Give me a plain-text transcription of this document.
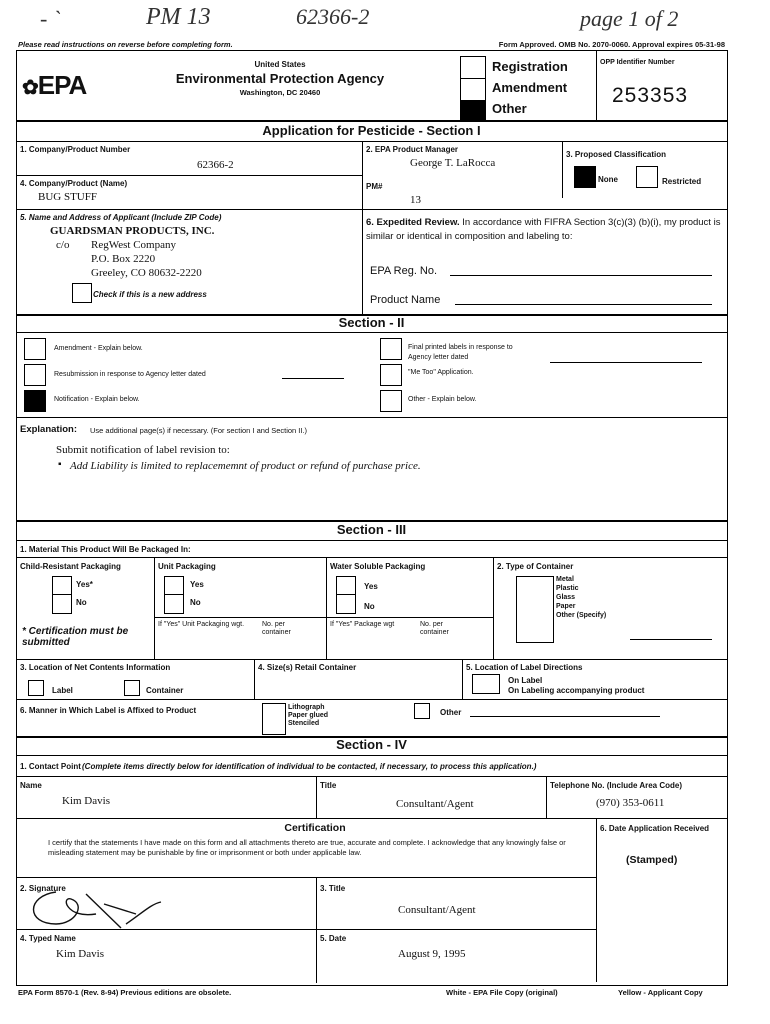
- `	PM 13	62366-2	page 1 of 2
Please read instructions on reverse before completing form.	Form Approved. OMB No. 2070-0060. Approval expires 05-31-98
✿EPA
United States
Environmental Protection Agency
Washington, DC 20460
Registration
Amendment
Other
OPP Identifier Number
253353
Application for Pesticide - Section I
1. Company/Product Number
62366-2
2. EPA Product Manager
George T. LaRocca
3. Proposed Classification
None	Restricted
4. Company/Product (Name)
BUG STUFF
PM#
13
5. Name and Address of Applicant (Include ZIP Code)
GUARDSMAN PRODUCTS, INC.
c/o RegWest Company
P.O. Box 2220
Greeley, CO 80632-2220
Check if this is a new address
6. Expedited Review. In accordance with FIFRA Section 3(c)(3) (b)(i), my product is similar or identical in composition and labeling to:
EPA Reg. No.
Product Name
Section - II
Amendment - Explain below.
Resubmission in response to Agency letter dated
Notification - Explain below.
Final printed labels in response to
Agency letter dated
"Me Too" Application.
Other - Explain below.
Explanation: Use additional page(s) if necessary. (For section I and Section II.)
Submit notification of label revision to:
▪ Add Liability is limited to replacememnt of product or refund of purchase price.
Section - III
1. Material This Product Will Be Packaged In:
Child-Resistant Packaging	Unit Packaging	Water Soluble Packaging	2. Type of Container
Yes*
No
* Certification must be submitted
Yes
No
If "Yes" Unit Packaging wgt.	No. per container
Yes
No
If "Yes" Package wgt	No. per container
Metal
Plastic
Glass
Paper
Other (Specify)
3. Location of Net Contents Information
Label	Container
4. Size(s) Retail Container	5. Location of Label Directions
On Label
On Labeling accompanying product
6. Manner in Which Label is Affixed to Product	Lithograph
Paper glued
Stenciled
Other
Section - IV
1. Contact Point (Complete items directly below for identification of individual to be contacted, if necessary, to process this application.)
Name
Kim Davis
Title
Consultant/Agent
Telephone No. (Include Area Code)
(970) 353-0611
Certification
I certify that the statements I have made on this form and all attachments thereto are true, accurate and complete. I acknowledge that any knowingly false or misleading statement may be punishable by fine or imprisonment or both under applicable law.
6. Date Application Received
(Stamped)
2. Signature	3. Title
Consultant/Agent
4. Typed Name
Kim Davis
5. Date
August 9, 1995
EPA Form 8570-1 (Rev. 8-94) Previous editions are obsolete.	White - EPA File Copy (original)	Yellow - Applicant Copy
